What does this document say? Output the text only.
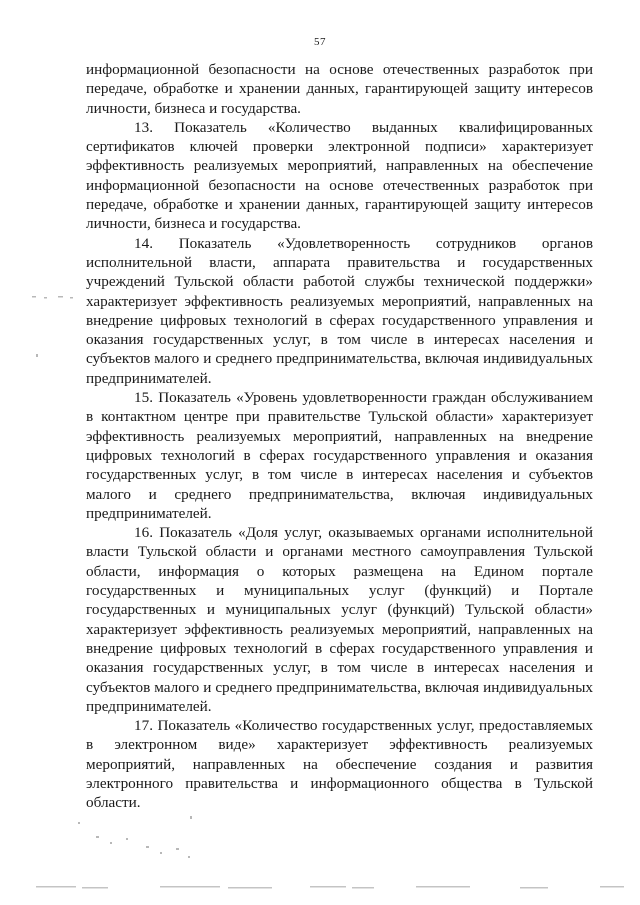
57

информационной безопасности на основе отечественных разработок при передаче, обработке и хранении данных, гарантирующей защиту интересов личности, бизнеса и государства.

13. Показатель «Количество выданных квалифицированных сертификатов ключей проверки электронной подписи» характеризует эффективность реализуемых мероприятий, направленных на обеспечение информационной безопасности на основе отечественных разработок при передаче, обработке и хранении данных, гарантирующей защиту интересов личности, бизнеса и государства.

14. Показатель «Удовлетворенность сотрудников органов исполнительной власти, аппарата правительства и государственных учреждений Тульской области работой службы технической поддержки» характеризует эффективность реализуемых мероприятий, направленных на внедрение цифровых технологий в сферах государственного управления и оказания государственных услуг, в том числе в интересах населения и субъектов малого и среднего предпринимательства, включая индивидуальных предпринимателей.

15. Показатель «Уровень удовлетворенности граждан обслуживанием в контактном центре при правительстве Тульской области» характеризует эффективность реализуемых мероприятий, направленных на внедрение цифровых технологий в сферах государственного управления и оказания государственных услуг, в том числе в интересах населения и субъектов малого и среднего предпринимательства, включая индивидуальных предпринимателей.

16. Показатель «Доля услуг, оказываемых органами исполнительной власти Тульской области и органами местного самоуправления Тульской области, информация о которых размещена на Едином портале государственных и муниципальных услуг (функций) и Портале государственных и муниципальных услуг (функций) Тульской области» характеризует эффективность реализуемых мероприятий, направленных на внедрение цифровых технологий в сферах государственного управления и оказания государственных услуг, в том числе в интересах населения и субъектов малого и среднего предпринимательства, включая индивидуальных предпринимателей.

17. Показатель «Количество государственных услуг, предоставляемых в электронном виде» характеризует эффективность реализуемых мероприятий, направленных на обеспечение создания и развития электронного правительства и информационного общества в Тульской области.
